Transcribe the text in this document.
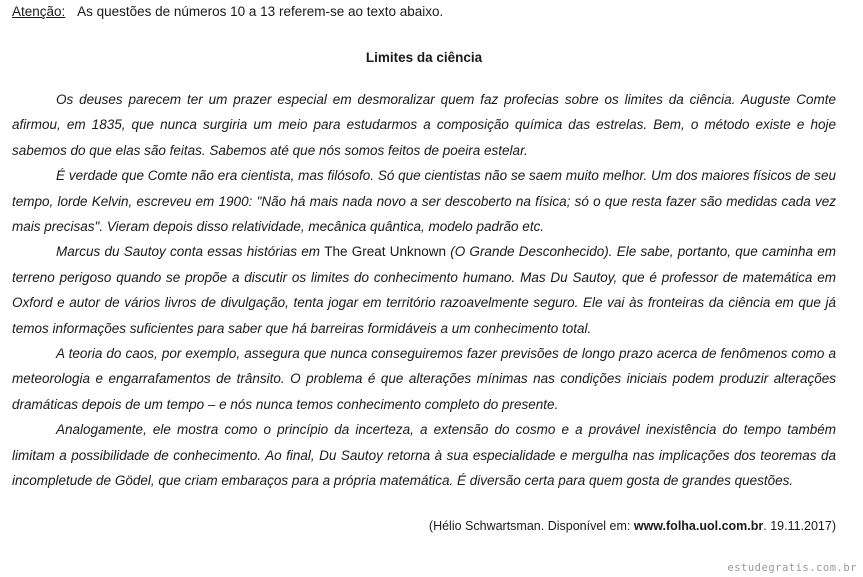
Atenção: As questões de números 10 a 13 referem-se ao texto abaixo.
Limites da ciência

Os deuses parecem ter um prazer especial em desmoralizar quem faz profecias sobre os limites da ciência. Auguste Comte afirmou, em 1835, que nunca surgiria um meio para estudarmos a composição química das estrelas. Bem, o método existe e hoje sabemos do que elas são feitas. Sabemos até que nós somos feitos de poeira estelar.

É verdade que Comte não era cientista, mas filósofo. Só que cientistas não se saem muito melhor. Um dos maiores físicos de seu tempo, lorde Kelvin, escreveu em 1900: "Não há mais nada novo a ser descoberto na física; só o que resta fazer são medidas cada vez mais precisas". Vieram depois disso relatividade, mecânica quântica, modelo padrão etc.

Marcus du Sautoy conta essas histórias em The Great Unknown (O Grande Desconhecido). Ele sabe, portanto, que caminha em terreno perigoso quando se propõe a discutir os limites do conhecimento humano. Mas Du Sautoy, que é professor de matemática em Oxford e autor de vários livros de divulgação, tenta jogar em território razoavelmente seguro. Ele vai às fronteiras da ciência em que já temos informações suficientes para saber que há barreiras formidáveis a um conhecimento total.

A teoria do caos, por exemplo, assegura que nunca conseguiremos fazer previsões de longo prazo acerca de fenômenos como a meteorologia e engarrafamentos de trânsito. O problema é que alterações mínimas nas condições iniciais podem produzir alterações dramáticas depois de um tempo – e nós nunca temos conhecimento completo do presente.

Analogamente, ele mostra como o princípio da incerteza, a extensão do cosmo e a provável inexistência do tempo também limitam a possibilidade de conhecimento. Ao final, Du Sautoy retorna à sua especialidade e mergulha nas implicações dos teoremas da incompletude de Gödel, que criam embaraços para a própria matemática. É diversão certa para quem gosta de grandes questões.

(Hélio Schwartsman. Disponível em: www.folha.uol.com.br. 19.11.2017)
estudegratis.com.br
